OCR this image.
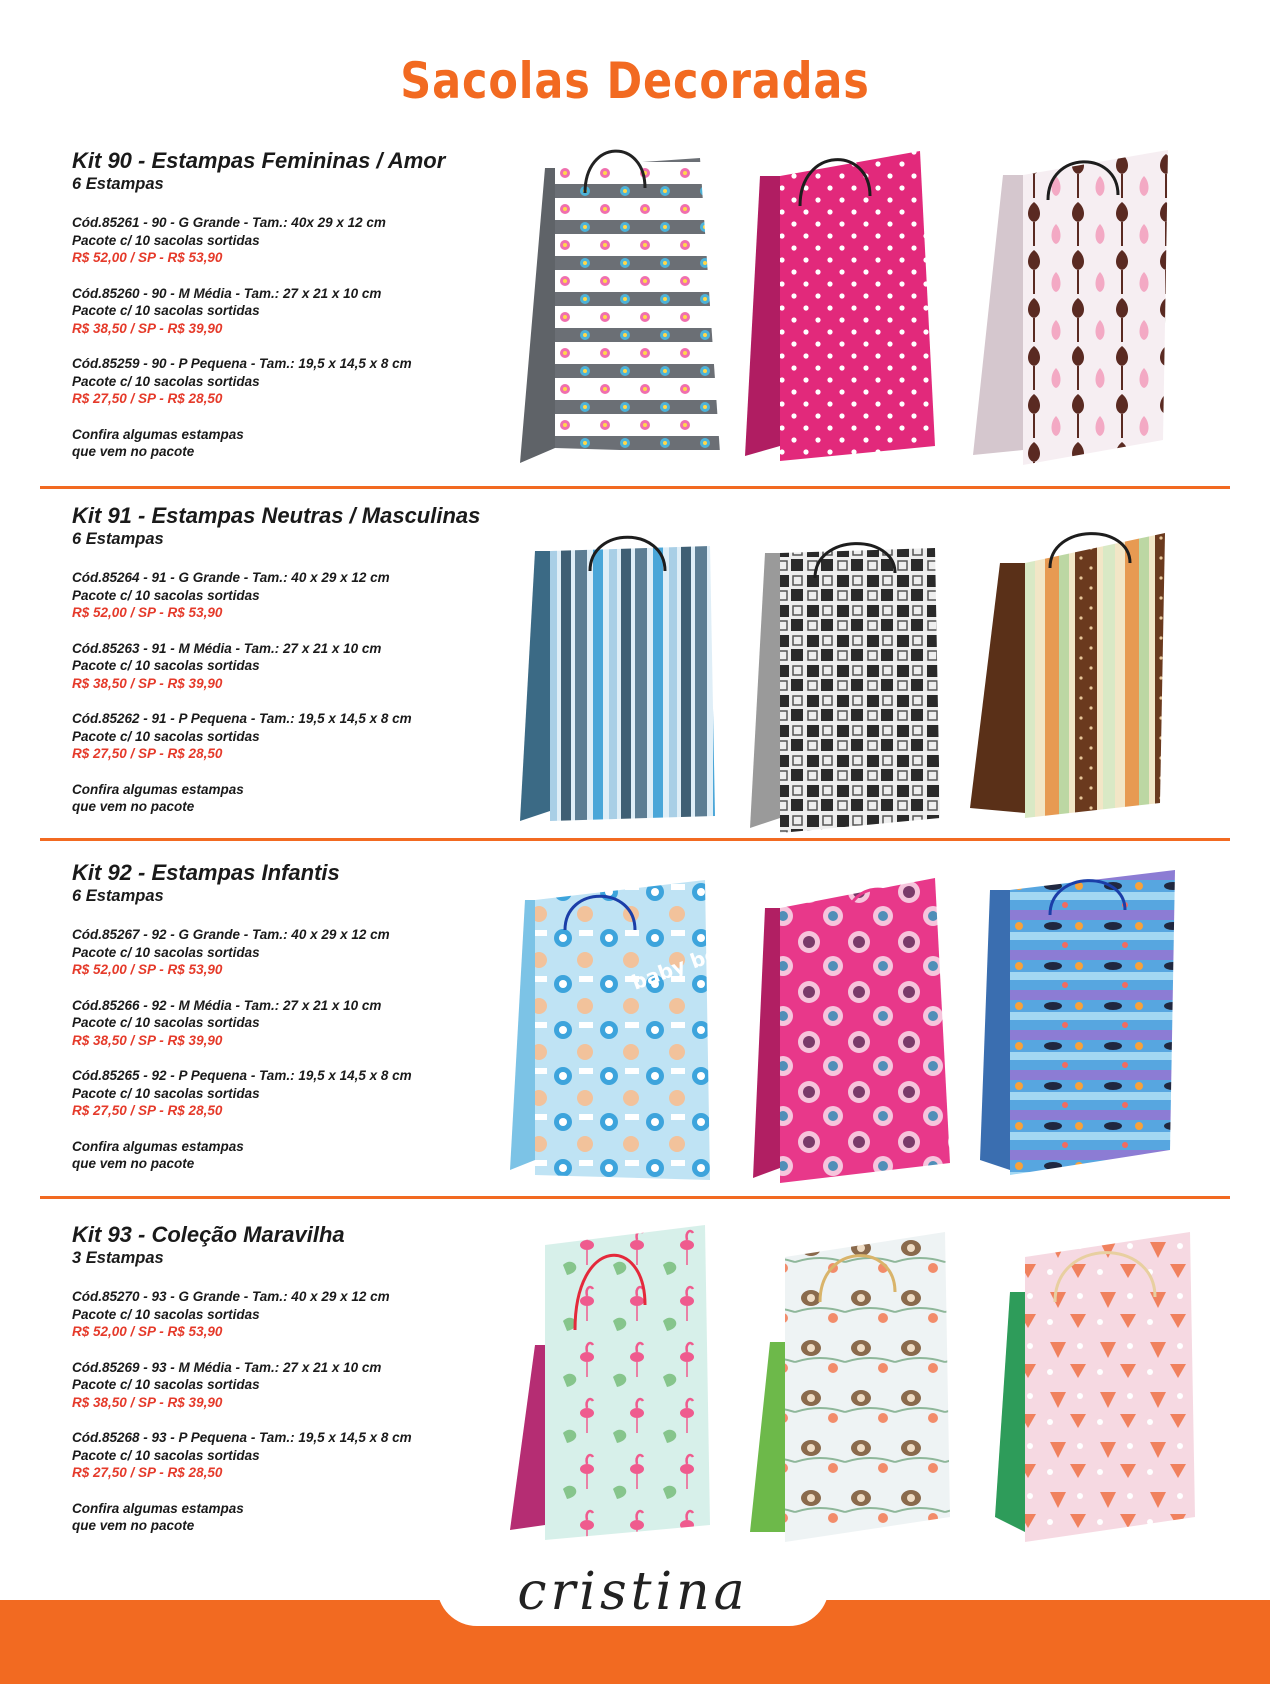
Sacolas Decoradas
Kit 90 - Estampas Femininas / Amor
6 Estampas
Cód.85261 - 90 - G Grande - Tam.: 40x 29 x 12 cm
Pacote c/ 10 sacolas sortidas
R$ 52,00 / SP - R$ 53,90
Cód.85260 - 90 - M Média - Tam.: 27 x 21 x 10 cm
Pacote c/ 10 sacolas sortidas
R$ 38,50 / SP - R$ 39,90
Cód.85259 - 90 - P Pequena - Tam.: 19,5 x 14,5 x 8 cm
Pacote c/ 10 sacolas sortidas
R$ 27,50 / SP - R$ 28,50
Confira algumas estampas
que vem no pacote
Kit 91 - Estampas Neutras / Masculinas
6 Estampas
Cód.85264 - 91 - G Grande - Tam.: 40 x 29 x 12 cm
Pacote c/ 10 sacolas sortidas
R$ 52,00 / SP - R$ 53,90
Cód.85263 - 91 - M Média - Tam.: 27 x 21 x 10 cm
Pacote c/ 10 sacolas sortidas
R$ 38,50 / SP - R$ 39,90
Cód.85262 - 91 - P Pequena - Tam.: 19,5 x 14,5 x 8 cm
Pacote c/ 10 sacolas sortidas
R$ 27,50 / SP - R$ 28,50
Confira algumas estampas
que vem no pacote
Kit 92 - Estampas Infantis
6 Estampas
Cód.85267 - 92 - G Grande - Tam.: 40 x 29 x 12 cm
Pacote c/ 10 sacolas sortidas
R$ 52,00 / SP - R$ 53,90
Cód.85266 - 92 - M Média - Tam.: 27 x 21 x 10 cm
Pacote c/ 10 sacolas sortidas
R$ 38,50 / SP - R$ 39,90
Cód.85265 - 92 - P Pequena - Tam.: 19,5 x 14,5 x 8 cm
Pacote c/ 10 sacolas sortidas
R$ 27,50 / SP - R$ 28,50
Confira algumas estampas
que vem no pacote
baby boy
Kit 93 - Coleção Maravilha
3 Estampas
Cód.85270 - 93 - G Grande - Tam.: 40 x 29 x 12 cm
Pacote c/ 10 sacolas sortidas
R$ 52,00 / SP - R$ 53,90
Cód.85269 - 93 - M Média - Tam.: 27 x 21 x 10 cm
Pacote c/ 10 sacolas sortidas
R$ 38,50 / SP - R$ 39,90
Cód.85268 - 93 - P Pequena - Tam.: 19,5 x 14,5 x 8 cm
Pacote c/ 10 sacolas sortidas
R$ 27,50 / SP - R$ 28,50
Confira algumas estampas
que vem no pacote
cristina
